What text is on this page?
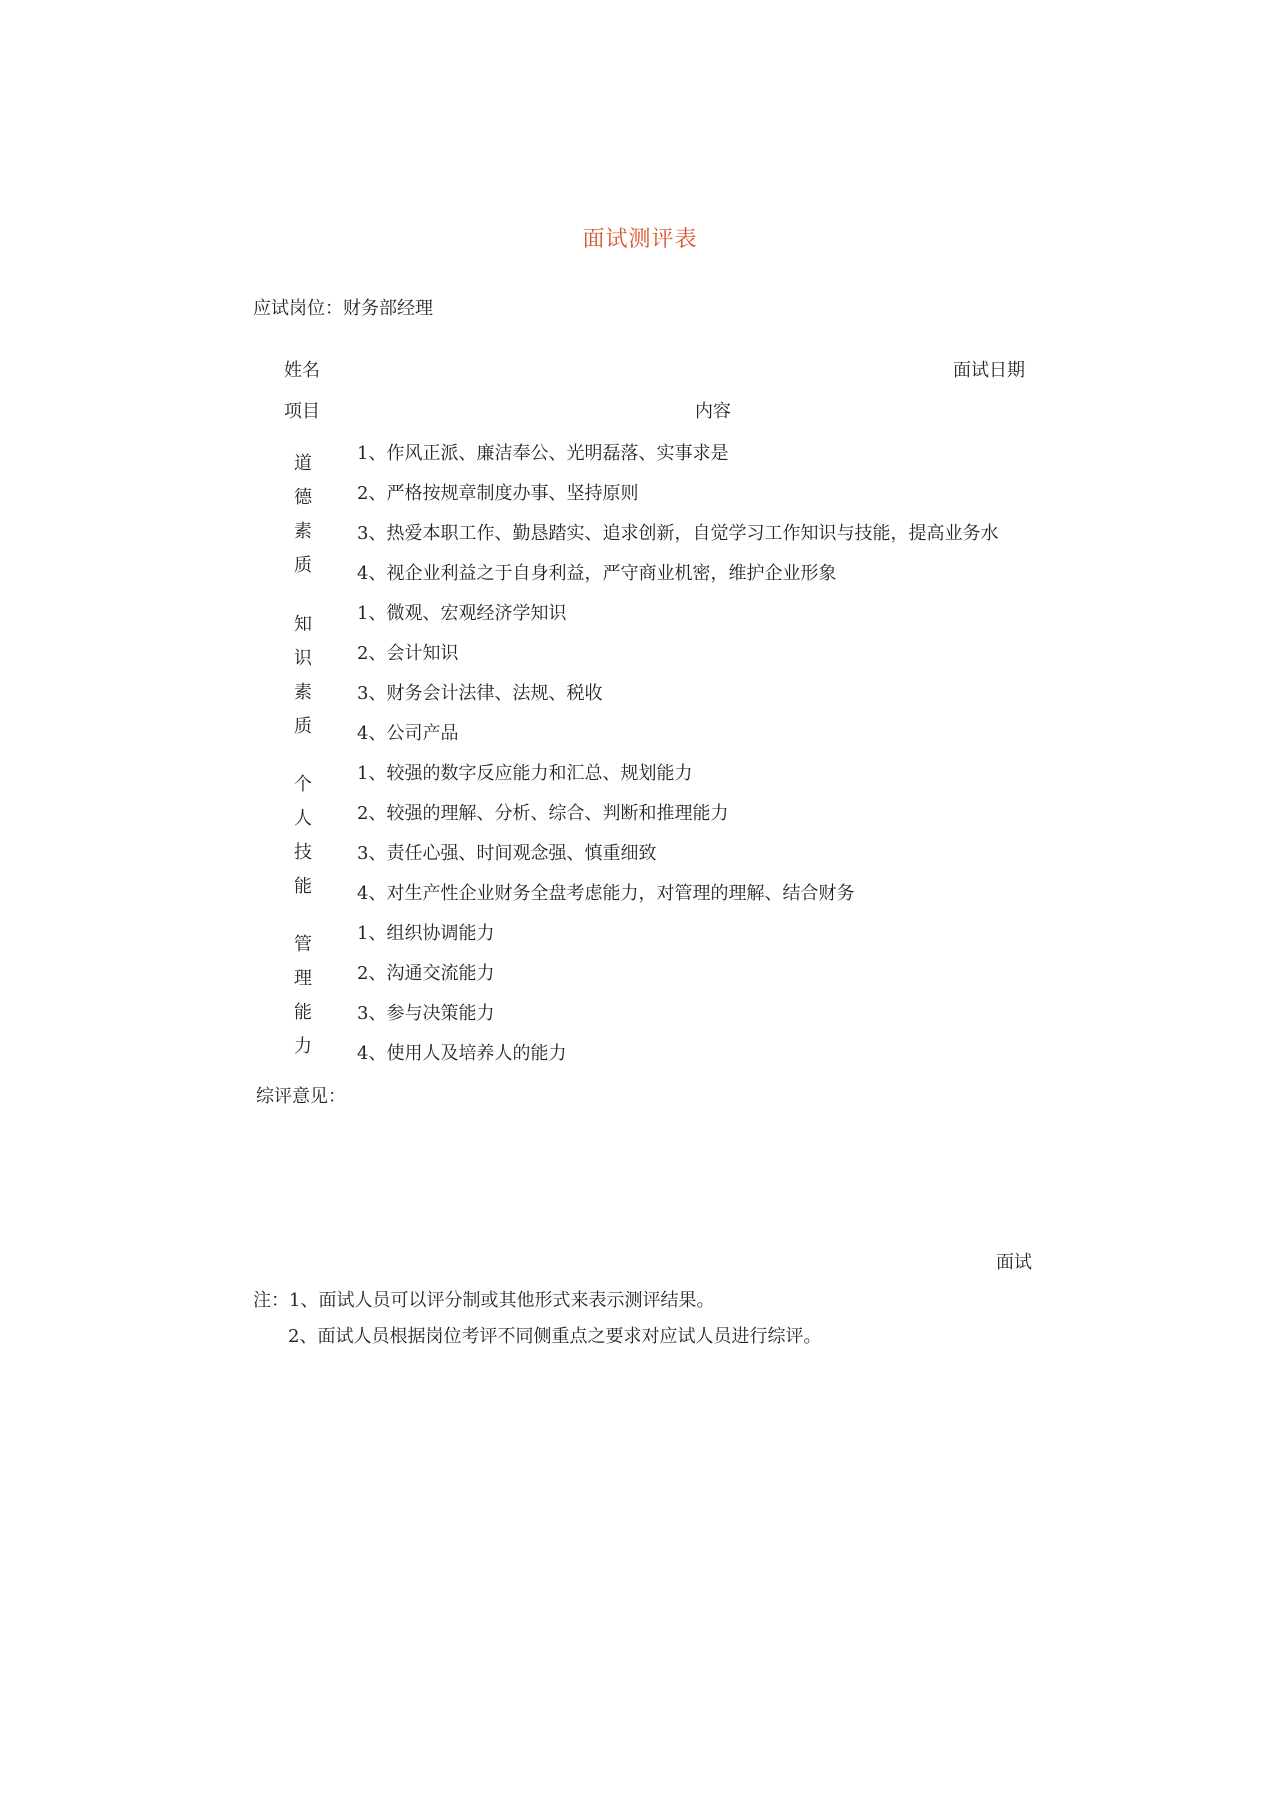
面试测评表
应试岗位：财务部经理
姓名	面试日期
项目	内容
道
德
素
质
1、作风正派、廉洁奉公、光明磊落、实事求是
2、严格按规章制度办事、坚持原则
3、热爱本职工作、勤恳踏实、追求创新，自觉学习工作知识与技能，提高业务水
4、视企业利益之于自身利益，严守商业机密，维护企业形象
知
识
素
质
1、微观、宏观经济学知识
2、会计知识
3、财务会计法律、法规、税收
4、公司产品
个
人
技
能
1、较强的数字反应能力和汇总、规划能力
2、较强的理解、分析、综合、判断和推理能力
3、责任心强、时间观念强、慎重细致
4、对生产性企业财务全盘考虑能力，对管理的理解、结合财务
管
理
能
力
1、组织协调能力
2、沟通交流能力
3、参与决策能力
4、使用人及培养人的能力
综评意见：
面试
注：1、面试人员可以评分制或其他形式来表示测评结果。
2、面试人员根据岗位考评不同侧重点之要求对应试人员进行综评。
